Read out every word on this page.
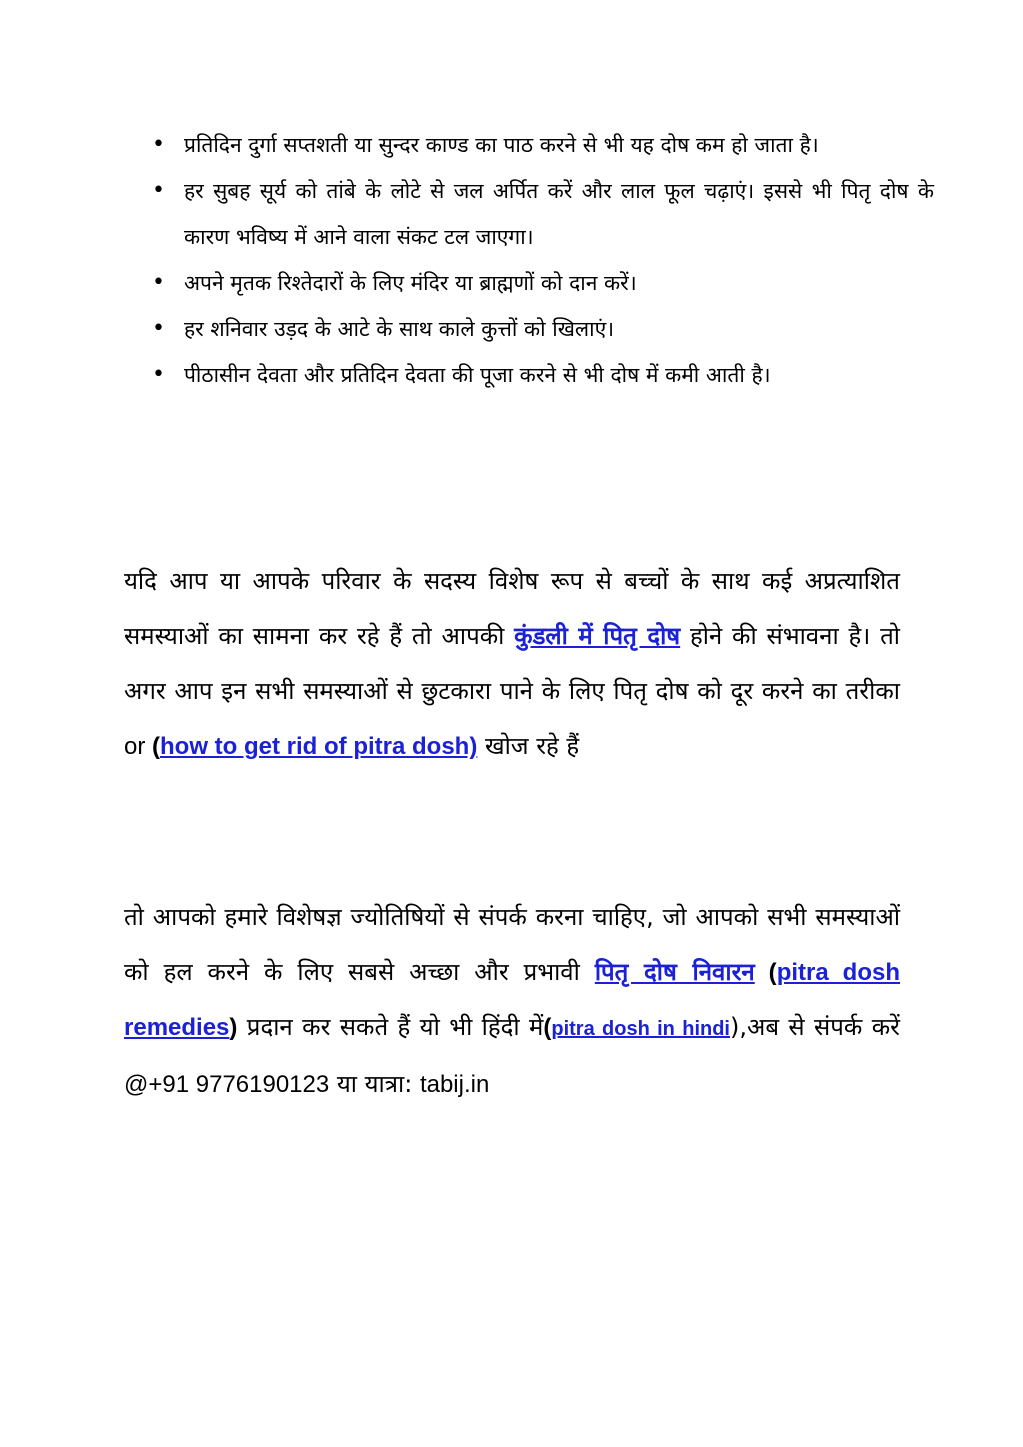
• प्रतिदिन दुर्गा सप्तशती या सुन्दर काण्ड का पाठ करने से भी यह दोष कम हो जाता है।
• हर सुबह सूर्य को तांबे के लोटे से जल अर्पित करें और लाल फूल चढ़ाएं। इससे भी पितृ दोष के कारण भविष्य में आने वाला संकट टल जाएगा।
• अपने मृतक रिश्तेदारों के लिए मंदिर या ब्राह्मणों को दान करें।
• हर शनिवार उड़द के आटे के साथ काले कुत्तों को खिलाएं।
• पीठासीन देवता और प्रतिदिन देवता की पूजा करने से भी दोष में कमी आती है।

यदि आप या आपके परिवार के सदस्य विशेष रूप से बच्चों के साथ कई अप्रत्याशित समस्याओं का सामना कर रहे हैं तो आपकी कुंडली में पितृ दोष होने की संभावना है। तो अगर आप इन सभी समस्याओं से छुटकारा पाने के लिए पितृ दोष को दूर करने का तरीका or (how to get rid of pitra dosh) खोज रहे हैं

तो आपको हमारे विशेषज्ञ ज्योतिषियों से संपर्क करना चाहिए, जो आपको सभी समस्याओं को हल करने के लिए सबसे अच्छा और प्रभावी पितृ दोष निवारन (pitra dosh remedies) प्रदान कर सकते हैं यो भी हिंदी में(pitra dosh in hindi),अब से संपर्क करें @+91 9776190123 या यात्रा: tabij.in
